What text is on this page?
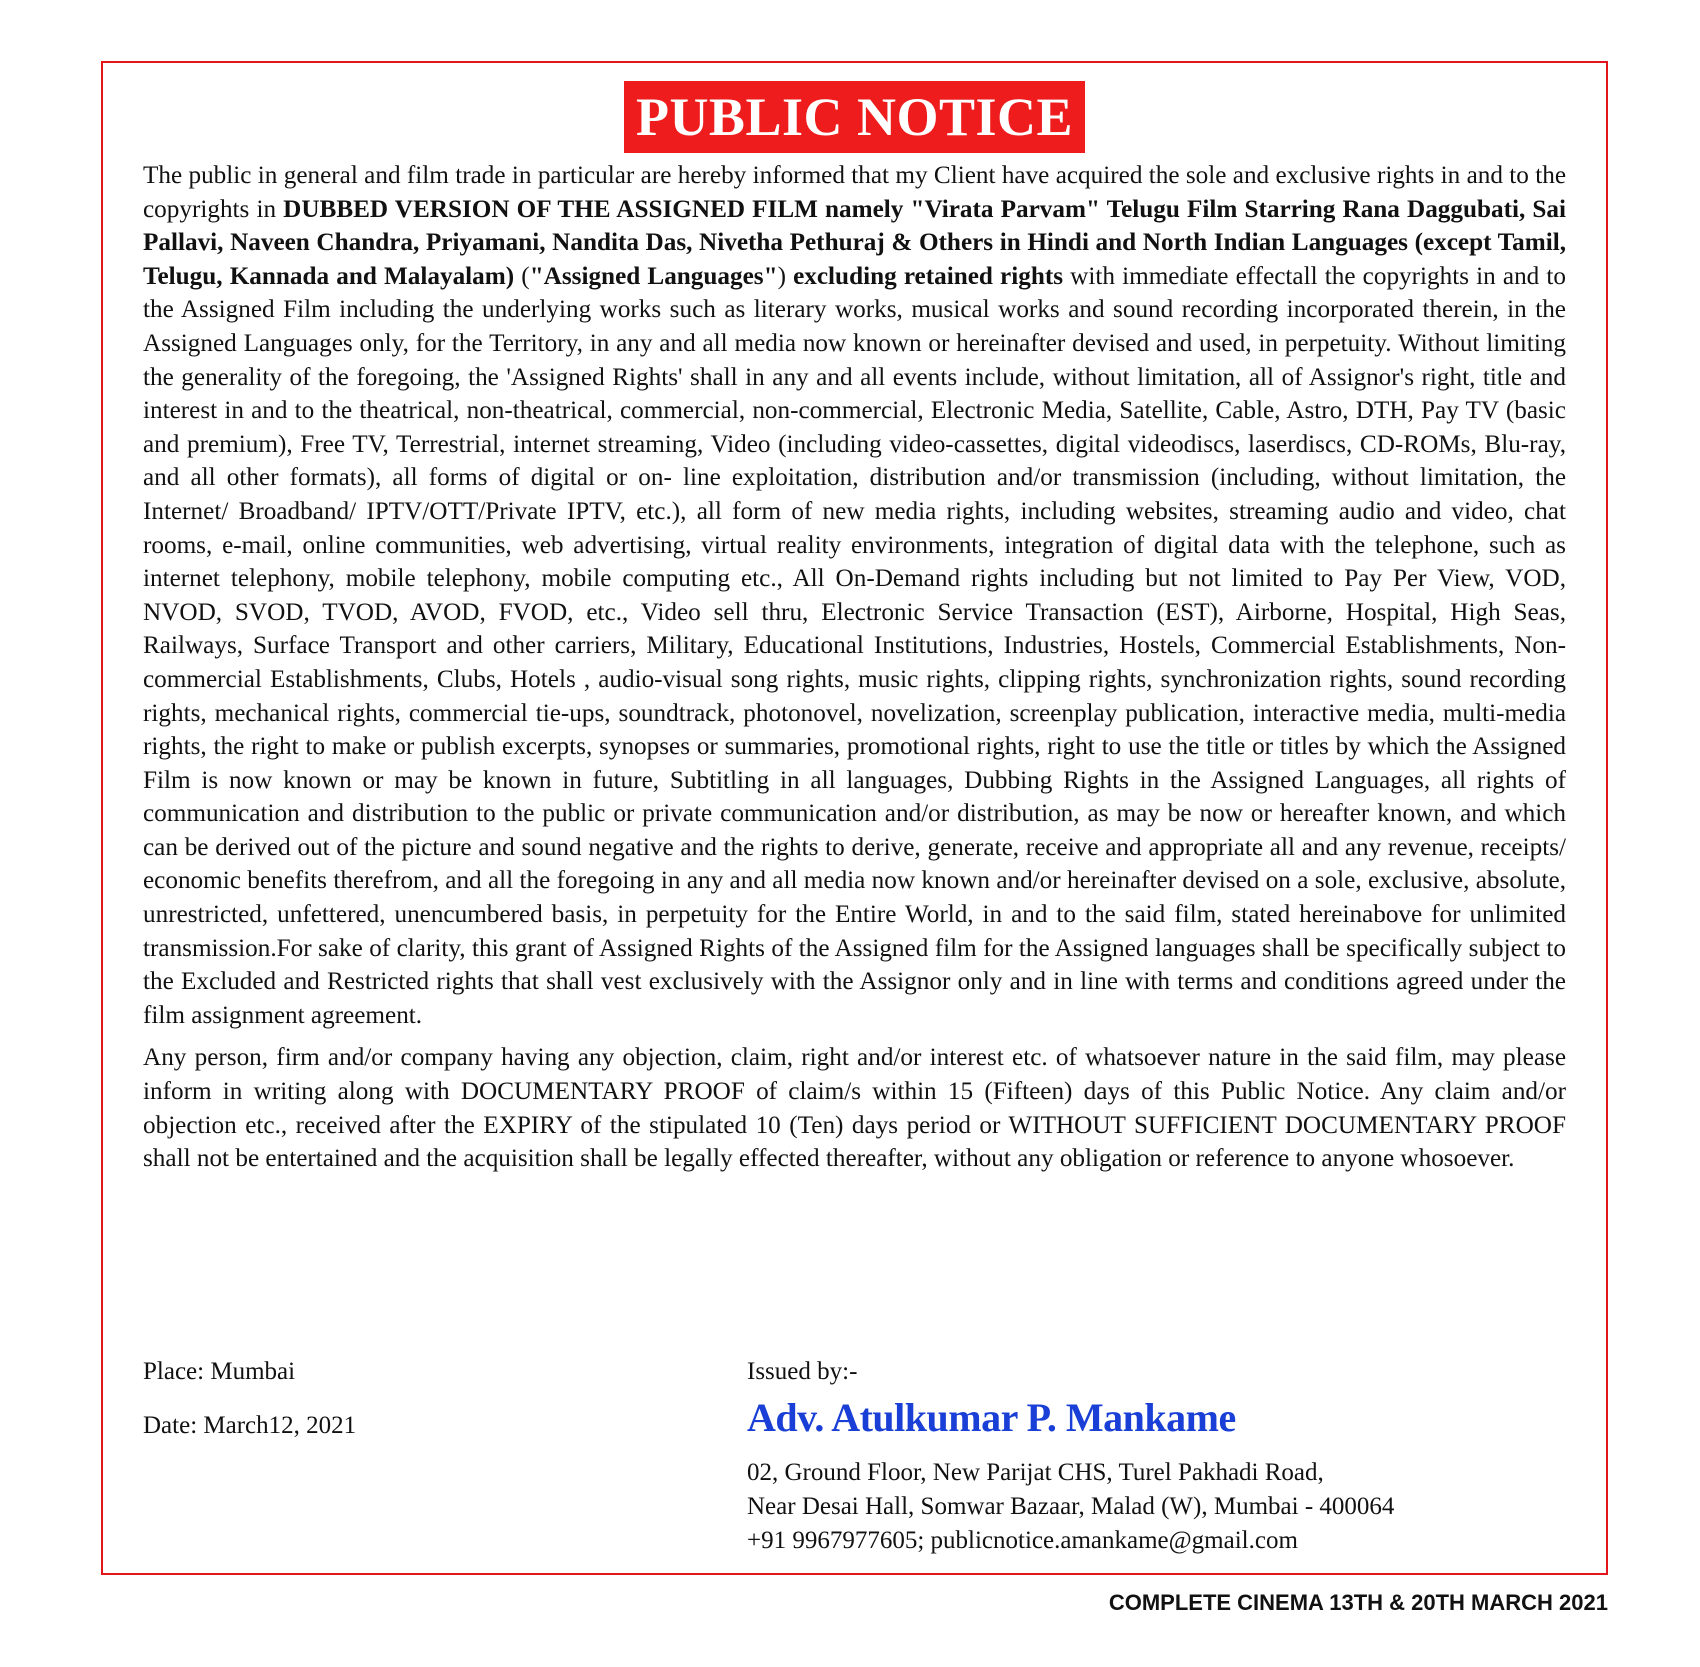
PUBLIC NOTICE

The public in general and film trade in particular are hereby informed that my Client have acquired the sole and exclusive rights in and to the copyrights in DUBBED VERSION OF THE ASSIGNED FILM namely "Virata Parvam" Telugu Film Starring Rana Daggubati, Sai Pallavi, Naveen Chandra, Priyamani, Nandita Das, Nivetha Pethuraj & Others in Hindi and North Indian Languages (except Tamil, Telugu, Kannada and Malayalam) ("Assigned Languages") excluding retained rights with immediate effectall the copyrights in and to the Assigned Film including the underlying works such as literary works, musical works and sound recording incorporated therein, in the Assigned Languages only, for the Territory, in any and all media now known or hereinafter devised and used, in perpetuity. Without limiting the generality of the foregoing, the 'Assigned Rights' shall in any and all events include, without limitation, all of Assignor's right, title and interest in and to the theatrical, non-theatrical, commercial, non-commercial, Electronic Media, Satellite, Cable, Astro, DTH, Pay TV (basic and premium), Free TV, Terrestrial, internet streaming, Video (including video-cassettes, digital videodiscs, laserdiscs, CD-ROMs, Blu-ray, and all other formats), all forms of digital or on- line exploitation, distribution and/or transmission (including, without limitation, the Internet/ Broadband/ IPTV/OTT/Private IPTV, etc.), all form of new media rights, including websites, streaming audio and video, chat rooms, e-mail, online communities, web advertising, virtual reality environments, integration of digital data with the telephone, such as internet telephony, mobile telephony, mobile computing etc., All On-Demand rights including but not limited to Pay Per View, VOD, NVOD, SVOD, TVOD, AVOD, FVOD, etc., Video sell thru, Electronic Service Transaction (EST), Airborne, Hospital, High Seas, Railways, Surface Transport and other carriers, Military, Educational Institutions, Industries, Hostels, Commercial Establishments, Non-commercial Establishments, Clubs, Hotels , audio-visual song rights, music rights, clipping rights, synchronization rights, sound recording rights, mechanical rights, commercial tie-ups, soundtrack, photonovel, novelization, screenplay publication, interactive media, multi-media rights, the right to make or publish excerpts, synopses or summaries, promotional rights, right to use the title or titles by which the Assigned Film is now known or may be known in future, Subtitling in all languages, Dubbing Rights in the Assigned Languages, all rights of communication and distribution to the public or private communication and/or distribution, as may be now or hereafter known, and which can be derived out of the picture and sound negative and the rights to derive, generate, receive and appropriate all and any revenue, receipts/ economic benefits therefrom, and all the foregoing in any and all media now known and/or hereinafter devised on a sole, exclusive, absolute, unrestricted, unfettered, unencumbered basis, in perpetuity for the Entire World, in and to the said film, stated hereinabove for unlimited transmission.For sake of clarity, this grant of Assigned Rights of the Assigned film for the Assigned languages shall be specifically subject to the Excluded and Restricted rights that shall vest exclusively with the Assignor only and in line with terms and conditions agreed under the film assignment agreement.

Any person, firm and/or company having any objection, claim, right and/or interest etc. of whatsoever nature in the said film, may please inform in writing along with DOCUMENTARY PROOF of claim/s within 15 (Fifteen) days of this Public Notice. Any claim and/or objection etc., received after the EXPIRY of the stipulated 10 (Ten) days period or WITHOUT SUFFICIENT DOCUMENTARY PROOF shall not be entertained and the acquisition shall be legally effected thereafter, without any obligation or reference to anyone whosoever.

Place: Mumbai
Date: March12, 2021
Issued by:-
Adv. Atulkumar P. Mankame
02, Ground Floor, New Parijat CHS, Turel Pakhadi Road,
Near Desai Hall, Somwar Bazaar, Malad (W), Mumbai - 400064
+91 9967977605; publicnotice.amankame@gmail.com
COMPLETE CINEMA 13TH & 20TH MARCH 2021
